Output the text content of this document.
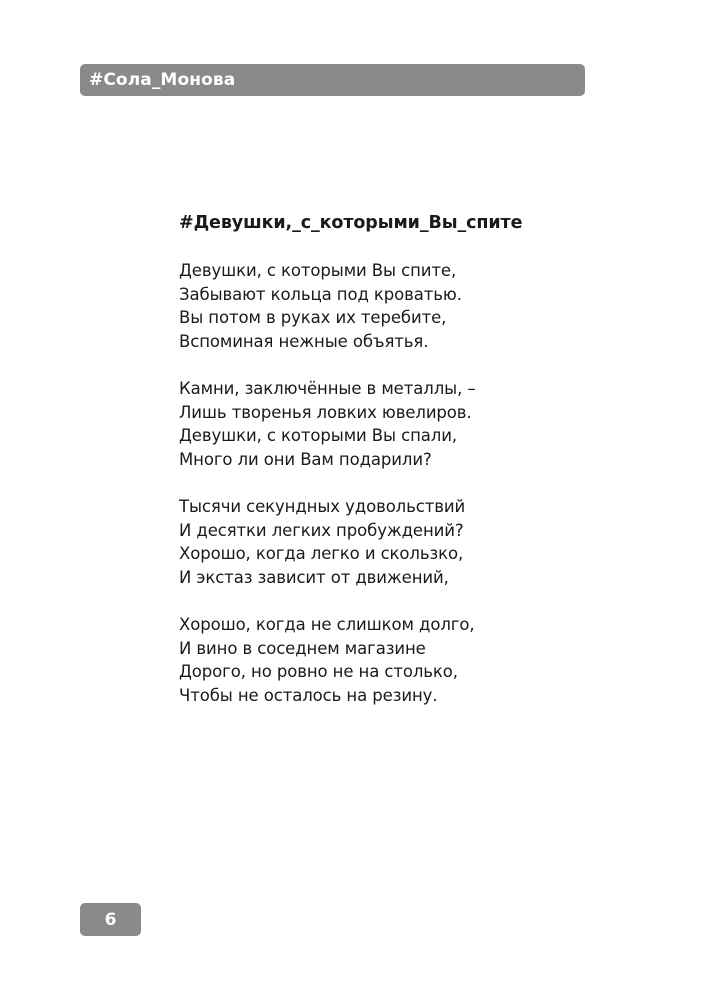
#Сола_Монова
#Девушки,_с_которыми_Вы_спите
Девушки, с которыми Вы спите,
Забывают кольца под кроватью.
Вы потом в руках их теребите,
Вспоминая нежные объятья.
Камни, заключённые в металлы, –
Лишь творенья ловких ювелиров.
Девушки, с которыми Вы спали,
Много ли они Вам подарили?
Тысячи секундных удовольствий
И десятки легких пробуждений?
Хорошо, когда легко и скользко,
И экстаз зависит от движений,
Хорошо, когда не слишком долго,
И вино в соседнем магазине
Дорого, но ровно не на столько,
Чтобы не осталось на резину.
6
